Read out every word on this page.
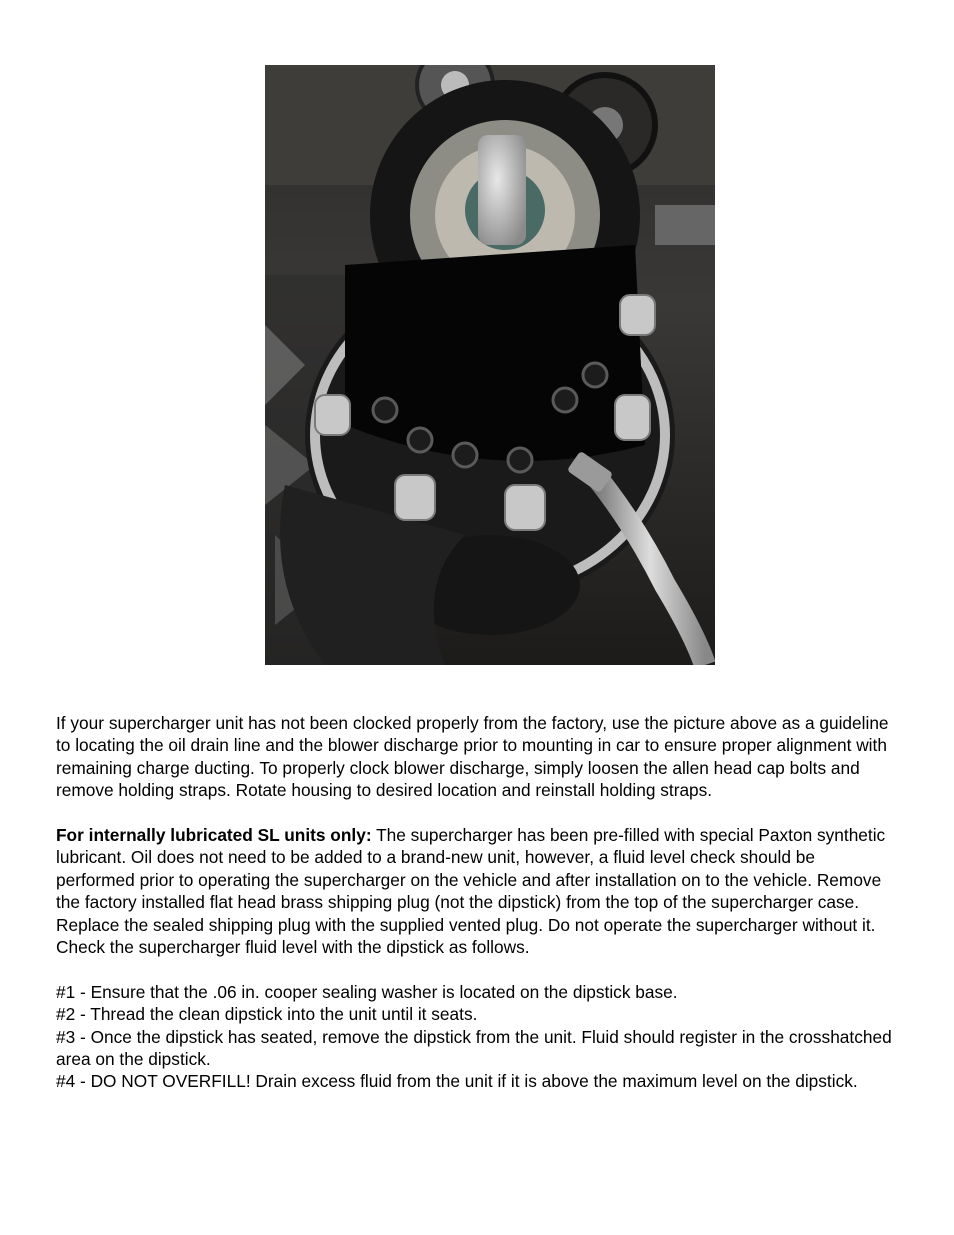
If your supercharger unit has not been clocked properly from the factory, use the picture above as a guideline to locating the oil drain line and the blower discharge prior to mounting in car to ensure proper alignment with remaining charge ducting. To properly clock blower discharge, simply loosen the allen head cap bolts and remove holding straps. Rotate housing to desired location and reinstall holding straps.

For internally lubricated SL units only: The supercharger has been pre-filled with special Paxton synthetic lubricant. Oil does not need to be added to a brand-new unit, however, a fluid level check should be performed prior to operating the supercharger on the vehicle and after installation on to the vehicle. Remove the factory installed flat head brass shipping plug (not the dipstick) from the top of the supercharger case. Replace the sealed shipping plug with the supplied vented plug. Do not operate the supercharger without it. Check the supercharger fluid level with the dipstick as follows.

#1 - Ensure that the .06 in. cooper sealing washer is located on the dipstick base.
#2 - Thread the clean dipstick into the unit until it seats.
#3 - Once the dipstick has seated, remove the dipstick from the unit. Fluid should register in the crosshatched area on the dipstick.
#4 - DO NOT OVERFILL! Drain excess fluid from the unit if it is above the maximum level on the dipstick.
